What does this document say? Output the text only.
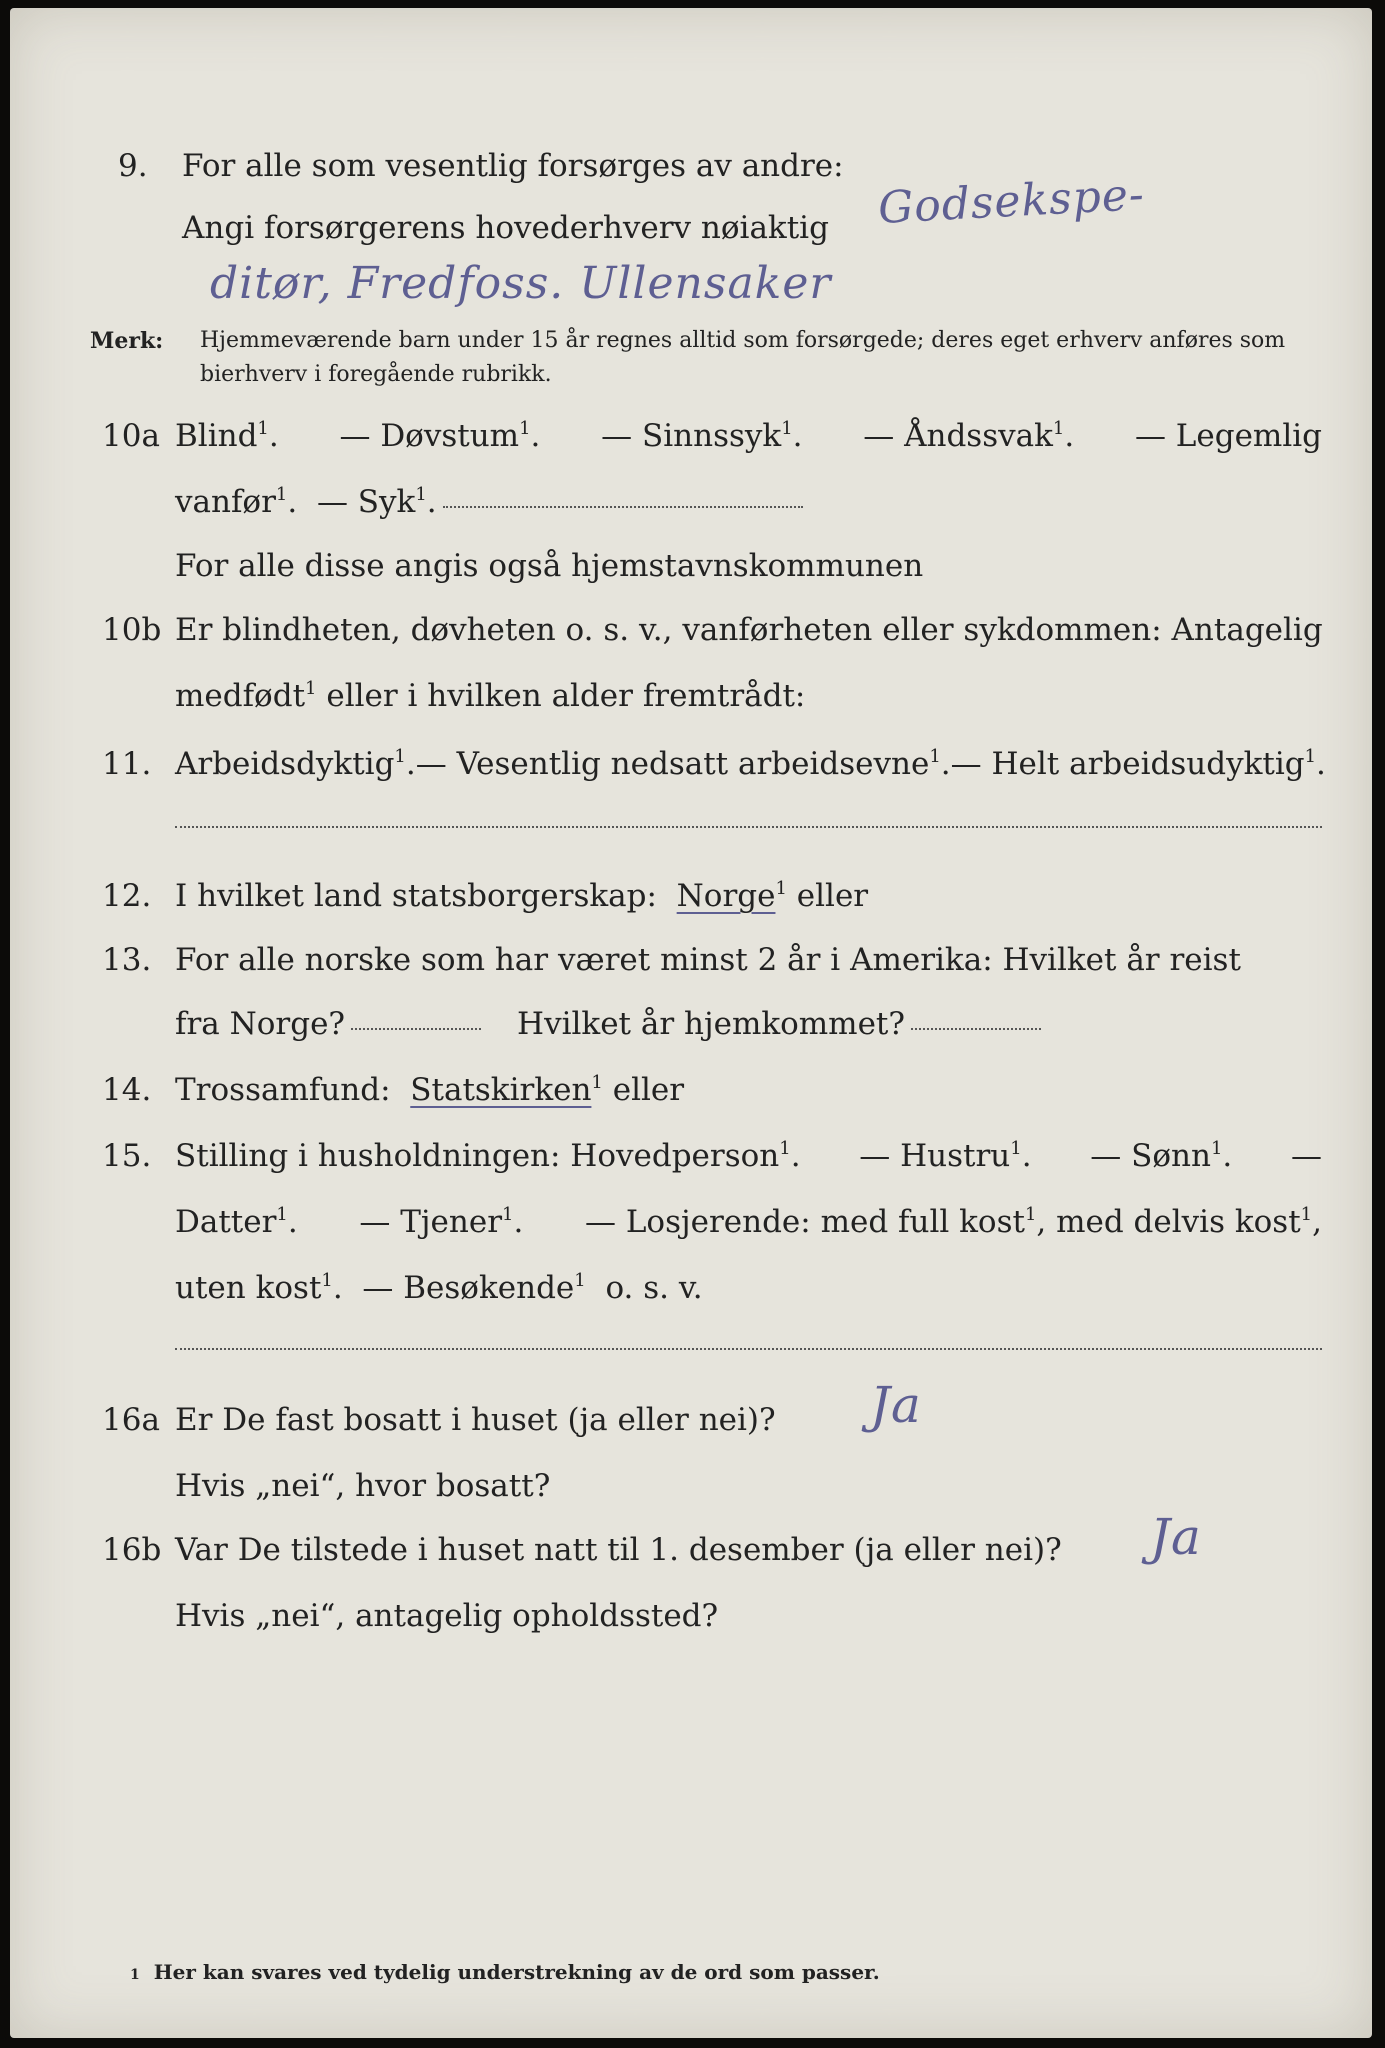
9.	For alle som vesentlig forsørges av andre:
Angi forsørgerens hovederhverv nøiaktig Godsekspe-
ditør, Fredfoss. Ullensaker
Merk: Hjemmeværende barn under 15 år regnes alltid som forsørgede; deres eget erhverv anføres som bierhverv i foregående rubrikk.
10a Blind$^1$. — Døvstum$^1$. — Sinnssyk$^1$. — Åndssvak$^1$. — Legemlig
vanfør$^1$.  — Syk$^1$.
For alle disse angis også hjemstavnskommunen
10b Er blindheten, døvheten o. s. v., vanførheten eller sykdommen: Antagelig
medfødt$^1$ eller i hvilken alder fremtrådt:
11. Arbeidsdyktig$^1$. — Vesentlig nedsatt arbeidsevne$^1$. — Helt arbeidsudyktig$^1$.
12. I hvilket land statsborgerskap: Norge$^1$ eller
13. For alle norske som har været minst 2 år i Amerika: Hvilket år reist
fra Norge?	Hvilket år hjemkommet?
14. Trossamfund: Statskirken$^1$ eller
15. Stilling i husholdningen: Hovedperson$^1$. — Hustru$^1$. — Sønn$^1$. —
Datter$^1$. — Tjener$^1$. — Losjerende: med full kost$^1$, med delvis kost$^1$,
uten kost$^1$.  — Besøkende$^1$ o. s. v.
16a Er De fast bosatt i huset (ja eller nei)? Ja
Hvis „nei“, hvor bosatt?
16b Var De tilstede i huset natt til 1. desember (ja eller nei)? Ja
Hvis „nei“, antagelig opholdssted?
1 Her kan svares ved tydelig understrekning av de ord som passer.
